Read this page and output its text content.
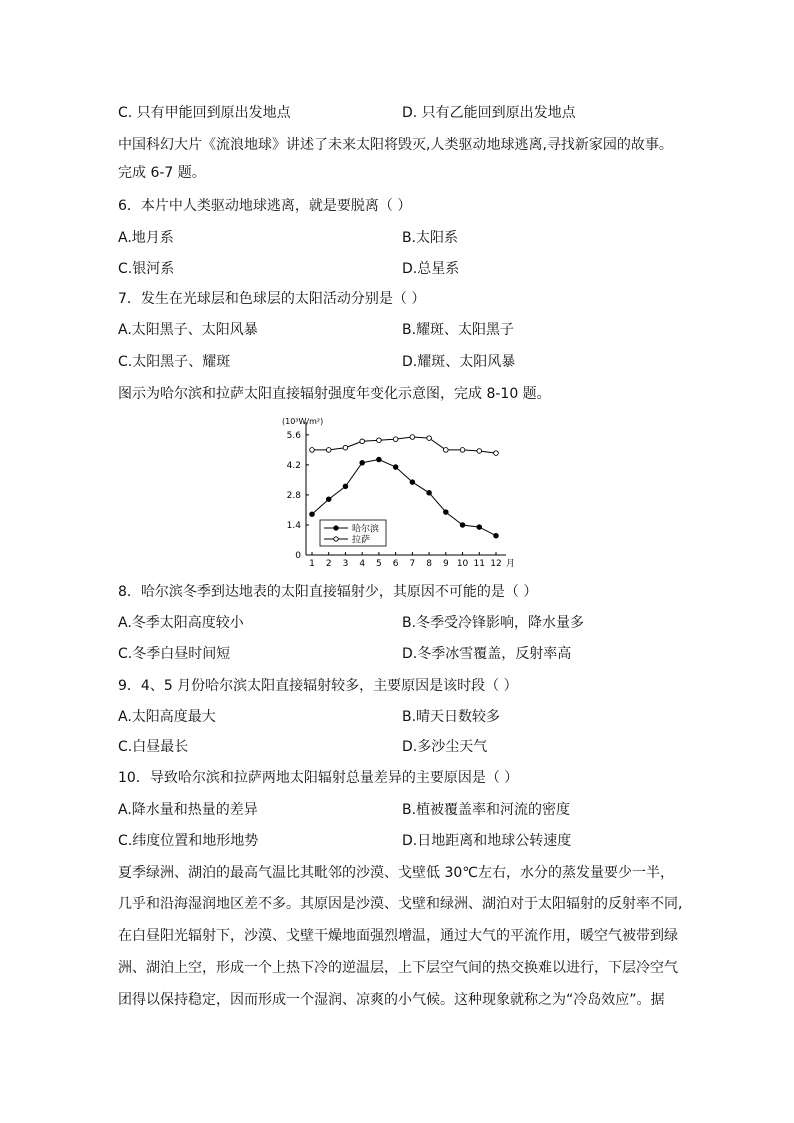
C. 只有甲能回到原出发地点	D. 只有乙能回到原出发地点
中国科幻大片《流浪地球》讲述了未来太阳将毁灭,人类驱动地球逃离,寻找新家园的故事。
完成 6-7 题。
6．本片中人类驱动地球逃离，就是要脱离（ ）
A.地月系	B.太阳系
C.银河系	D.总星系
7．发生在光球层和色球层的太阳活动分别是（ ）
A.太阳黑子、太阳风暴	B.耀斑、太阳黑子
C.太阳黑子、耀斑	D.耀斑、太阳风暴
图示为哈尔滨和拉萨太阳直接辐射强度年变化示意图，完成 8-10 题。
(10³W/m²)
0
1.4
2.8
4.2
5.6
1 2 3 4 5 6 7 8 9 10 11 12 月
哈尔滨
拉萨
8．哈尔滨冬季到达地表的太阳直接辐射少，其原因不可能的是（ ）
A.冬季太阳高度较小	B.冬季受冷锋影响，降水量多
C.冬季白昼时间短	D.冬季冰雪覆盖，反射率高
9．4、5 月份哈尔滨太阳直接辐射较多，主要原因是该时段（ ）
A.太阳高度最大	B.晴天日数较多
C.白昼最长	D.多沙尘天气
10．导致哈尔滨和拉萨两地太阳辐射总量差异的主要原因是（ ）
A.降水量和热量的差异	B.植被覆盖率和河流的密度
C.纬度位置和地形地势	D.日地距离和地球公转速度
夏季绿洲、湖泊的最高气温比其毗邻的沙漠、戈壁低 30℃左右，水分的蒸发量要少一半，
几乎和沿海湿润地区差不多。其原因是沙漠、戈壁和绿洲、湖泊对于太阳辐射的反射率不同,
在白昼阳光辐射下，沙漠、戈壁干燥地面强烈增温，通过大气的平流作用，暖空气被带到绿
洲、湖泊上空，形成一个上热下冷的逆温层，上下层空气间的热交换难以进行，下层冷空气
团得以保持稳定，因而形成一个湿润、凉爽的小气候。这种现象就称之为“冷岛效应”。据
